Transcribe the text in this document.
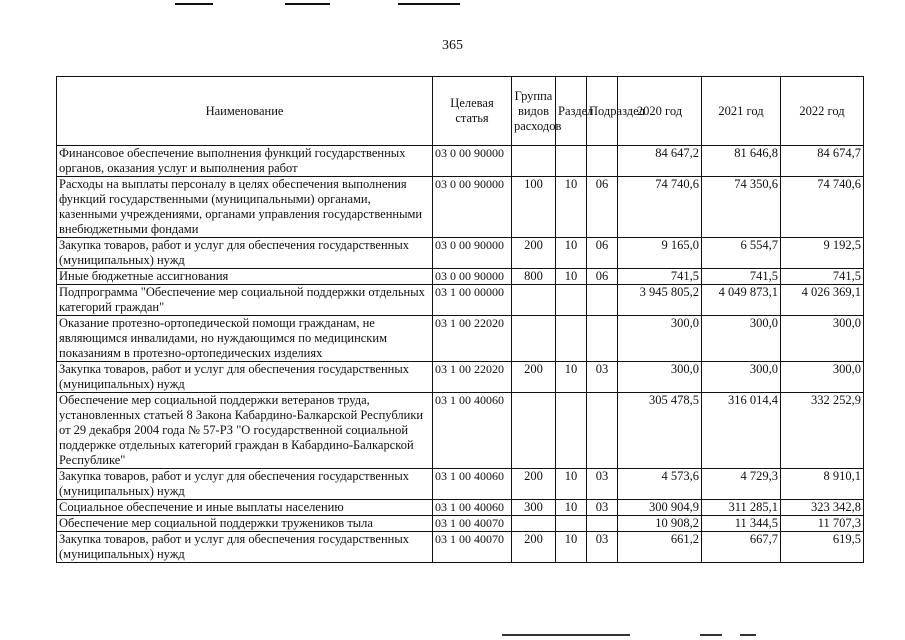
365
Наименование	Целевая статья	Группа видов расходов	Раздел	Подраздел	2020 год	2021 год	2022 год
Финансовое обеспечение выполнения функций государственных органов, оказания услуг и выполнения работ	03 0 00 90000				84 647,2	81 646,8	84 674,7
Расходы на выплаты персоналу в целях обеспечения выполнения функций государственными (муниципальными) органами, казенными учреждениями, органами управления государственными внебюджетными фондами	03 0 00 90000	100	10	06	74 740,6	74 350,6	74 740,6
Закупка товаров, работ и услуг для обеспечения государственных (муниципальных) нужд	03 0 00 90000	200	10	06	9 165,0	6 554,7	9 192,5
Иные бюджетные ассигнования	03 0 00 90000	800	10	06	741,5	741,5	741,5
Подпрограмма "Обеспечение мер социальной поддержки отдельных категорий граждан"	03 1 00 00000				3 945 805,2	4 049 873,1	4 026 369,1
Оказание протезно-ортопедической помощи гражданам, не являющимся инвалидами, но нуждающимся по медицинским показаниям в протезно-ортопедических изделиях	03 1 00 22020				300,0	300,0	300,0
Закупка товаров, работ и услуг для обеспечения государственных (муниципальных) нужд	03 1 00 22020	200	10	03	300,0	300,0	300,0
Обеспечение мер социальной поддержки ветеранов труда, установленных статьей 8 Закона Кабардино-Балкарской Республики от 29 декабря 2004 года № 57-РЗ "О государственной социальной поддержке отдельных категорий граждан в Кабардино-Балкарской Республике"	03 1 00 40060				305 478,5	316 014,4	332 252,9
Закупка товаров, работ и услуг для обеспечения государственных (муниципальных) нужд	03 1 00 40060	200	10	03	4 573,6	4 729,3	8 910,1
Социальное обеспечение и иные выплаты населению	03 1 00 40060	300	10	03	300 904,9	311 285,1	323 342,8
Обеспечение мер социальной поддержки тружеников тыла	03 1 00 40070				10 908,2	11 344,5	11 707,3
Закупка товаров, работ и услуг для обеспечения государственных (муниципальных) нужд	03 1 00 40070	200	10	03	661,2	667,7	619,5
